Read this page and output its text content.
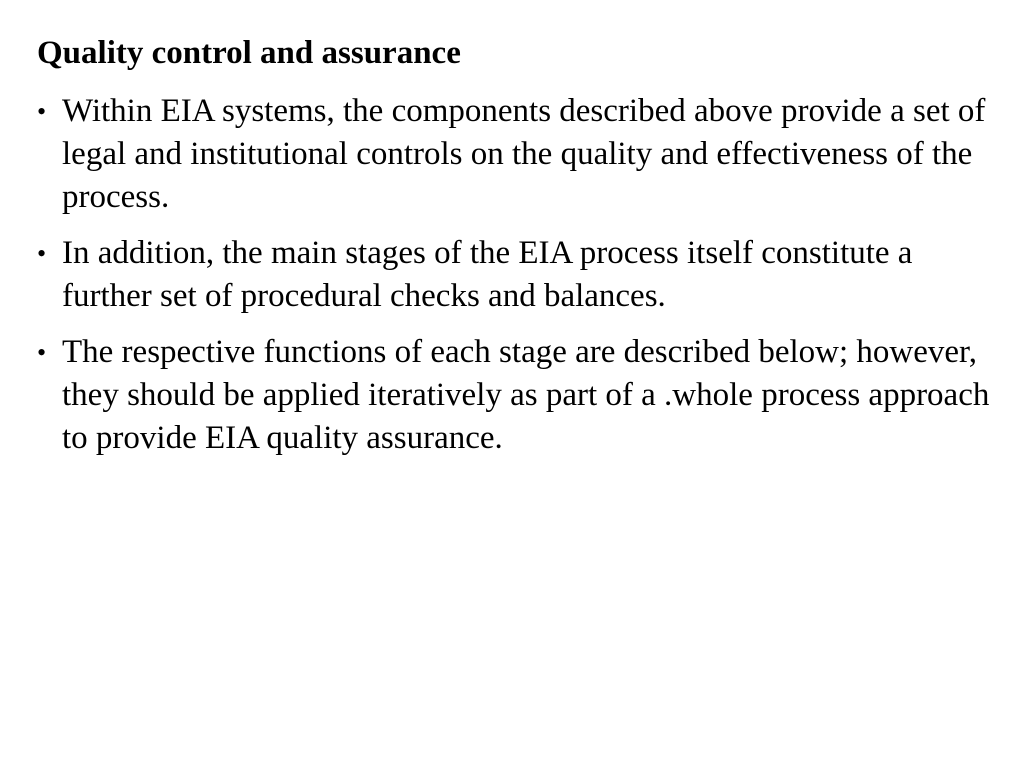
Quality control and assurance
• Within EIA systems, the components described above provide a set of legal and institutional controls on the quality and effectiveness of the process.
• In addition, the main stages of the EIA process itself constitute a further set of procedural checks and balances.
• The respective functions of each stage are described below; however, they should be applied iteratively as part of a .whole process approach to provide EIA quality assurance.
